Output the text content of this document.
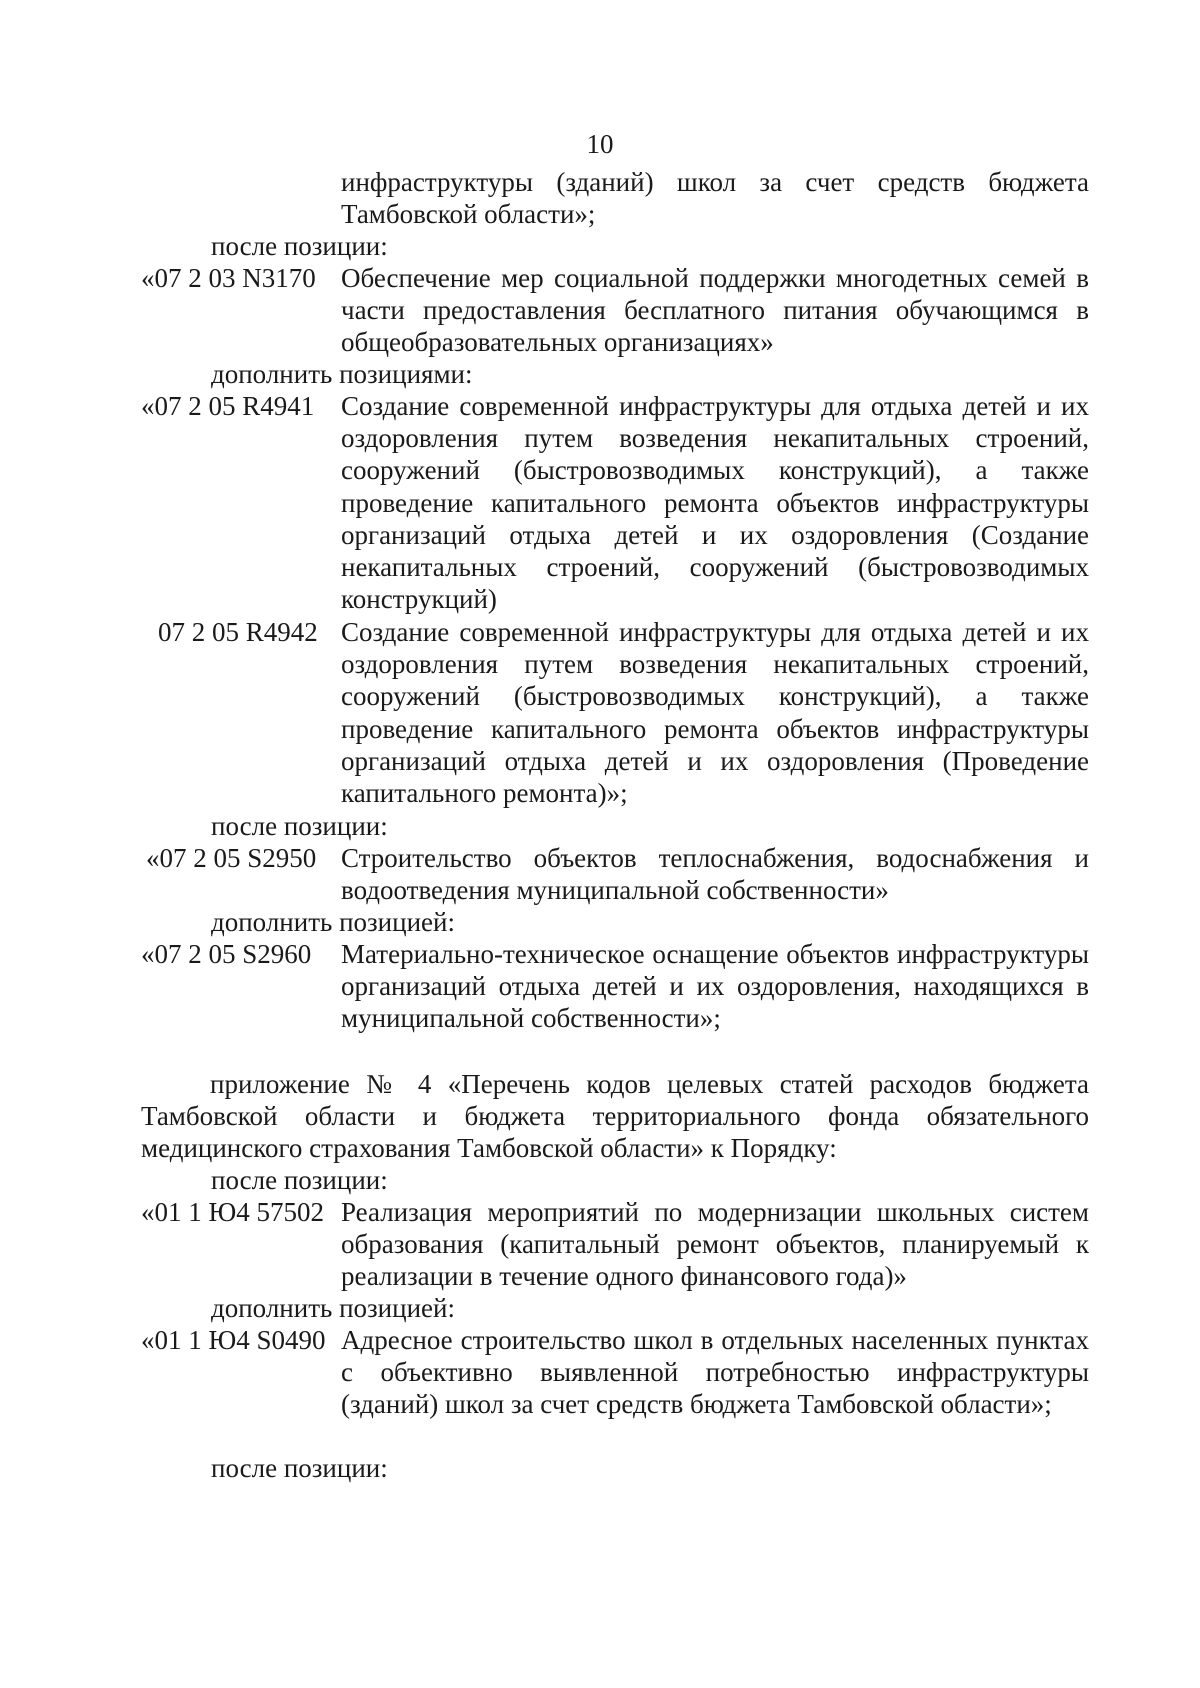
10
инфраструктуры (зданий) школ за счет средств бюджета Тамбовской области»;
после позиции:
«07 2 03 N3170 Обеспечение мер социальной поддержки многодетных семей в части предоставления бесплатного питания обучающимся в общеобразовательных организациях»
дополнить позициями:
«07 2 05 R4941 Создание современной инфраструктуры для отдыха детей и их оздоровления путем возведения некапитальных строений, сооружений (быстровозводимых конструкций), а также проведение капитального ремонта объектов инфраструктуры организаций отдыха детей и их оздоровления (Создание некапитальных строений, сооружений (быстровозводимых конструкций)
07 2 05 R4942 Создание современной инфраструктуры для отдыха детей и их оздоровления путем возведения некапитальных строений, сооружений (быстровозводимых конструкций), а также проведение капитального ремонта объектов инфраструктуры организаций отдыха детей и их оздоровления (Проведение капитального ремонта)»;
после позиции:
«07 2 05 S2950 Строительство объектов теплоснабжения, водоснабжения и водоотведения муниципальной собственности»
дополнить позицией:
«07 2 05 S2960 Материально-техническое оснащение объектов инфраструктуры организаций отдыха детей и их оздоровления, находящихся в муниципальной собственности»;
приложение № 4 «Перечень кодов целевых статей расходов бюджета Тамбовской области и бюджета территориального фонда обязательного медицинского страхования Тамбовской области» к Порядку:
после позиции:
«01 1 Ю4 57502 Реализация мероприятий по модернизации школьных систем образования (капитальный ремонт объектов, планируемый к реализации в течение одного финансового года)»
дополнить позицией:
«01 1 Ю4 S0490 Адресное строительство школ в отдельных населенных пунктах с объективно выявленной потребностью инфраструктуры (зданий) школ за счет средств бюджета Тамбовской области»;
после позиции:
